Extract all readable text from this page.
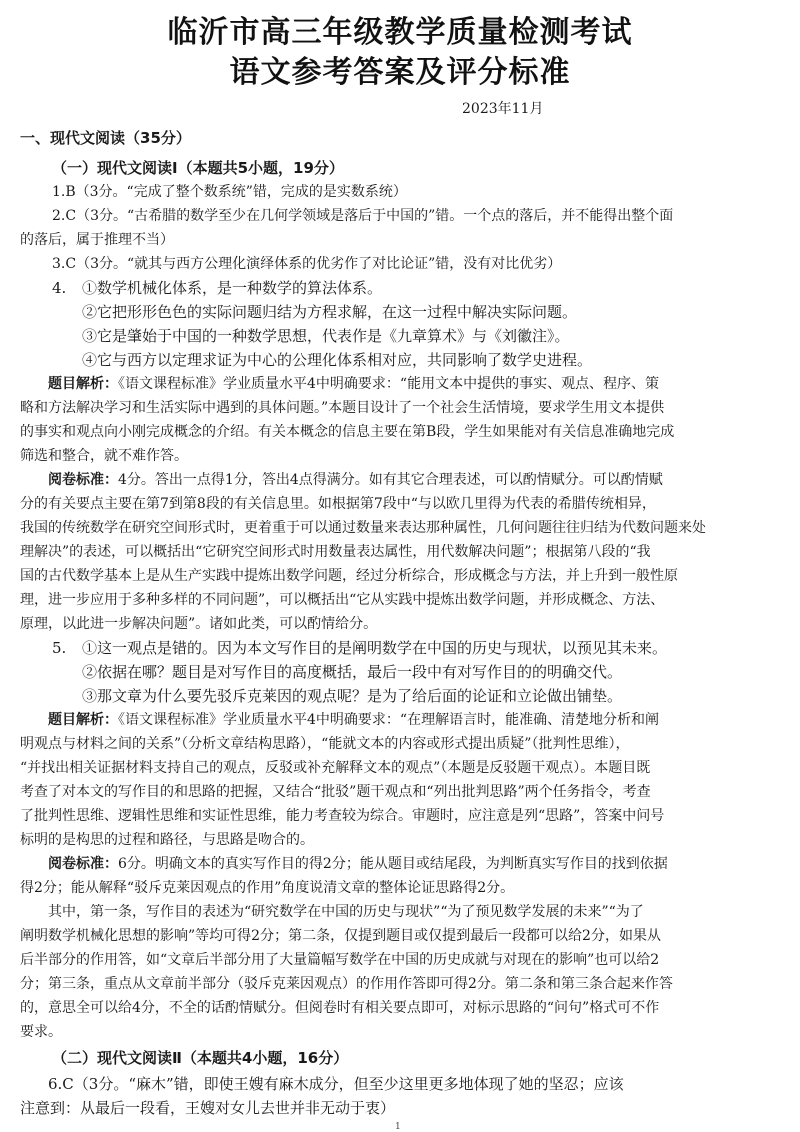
临沂市高三年级教学质量检测考试
语文参考答案及评分标准
2023年11月
一、现代文阅读（35分）
（一）现代文阅读Ⅰ（本题共5小题，19分）
1.B（3分。“完成了整个数系统”错，完成的是实数系统）
2.C（3分。“古希腊的数学至少在几何学领域是落后于中国的”错。一个点的落后，并不能得出整个面
的落后，属于推理不当）
3.C（3分。“就其与西方公理化演绎体系的优劣作了对比论证”错，没有对比优劣）
4.	①数学机械化体系，是一种数学的算法体系。
②它把形形色色的实际问题归结为方程求解，在这一过程中解决实际问题。
③它是肇始于中国的一种数学思想，代表作是《九章算术》与《刘徽注》。
④它与西方以定理求证为中心的公理化体系相对应，共同影响了数学史进程。
题目解析：《语文课程标准》学业质量水平4中明确要求：“能用文本中提供的事实、观点、程序、策
略和方法解决学习和生活实际中遇到的具体问题。”本题目设计了一个社会生活情境，要求学生用文本提供
的事实和观点向小刚完成概念的介绍。有关本概念的信息主要在第B段，学生如果能对有关信息准确地完成
筛选和整合，就不难作答。
阅卷标准：4分。答出一点得1分，答出4点得满分。如有其它合理表述，可以酌情赋分。可以酌情赋
分的有关要点主要在第7到第8段的有关信息里。如根据第7段中“与以欧几里得为代表的希腊传统相异，
我国的传统数学在研究空间形式时，更着重于可以通过数量来表达那种属性，几何问题往往归结为代数问题来处
理解决”的表述，可以概括出“它研究空间形式时用数量表达属性，用代数解决问题”；根据第八段的“我
国的古代数学基本上是从生产实践中提炼出数学问题，经过分析综合，形成概念与方法，并上升到一般性原
理，进一步应用于多种多样的不同问题”，可以概括出“它从实践中提炼出数学问题，并形成概念、方法、
原理，以此进一步解决问题”。诸如此类，可以酌情给分。
5.	①这一观点是错的。因为本文写作目的是阐明数学在中国的历史与现状，以预见其未来。
②依据在哪？题目是对写作目的高度概括，最后一段中有对写作目的的明确交代。
③那文章为什么要先驳斥克莱因的观点呢？是为了给后面的论证和立论做出铺垫。
题目解析：《语文课程标准》学业质量水平4中明确要求：“在理解语言时，能准确、清楚地分析和阐
明观点与材料之间的关系”（分析文章结构思路），“能就文本的内容或形式提出质疑”（批判性思维），
“并找出相关证据材料支持自己的观点，反驳或补充解释文本的观点”（本题是反驳题干观点）。本题目既
考查了对本文的写作目的和思路的把握，又结合“批驳”题干观点和“列出批判思路”两个任务指令，考查
了批判性思维、逻辑性思维和实证性思维，能力考查较为综合。审题时，应注意是列“思路”，答案中问号
标明的是构思的过程和路径，与思路是吻合的。
阅卷标准：6分。明确文本的真实写作目的得2分；能从题目或结尾段，为判断真实写作目的找到依据
得2分；能从解释“驳斥克莱因观点的作用”角度说清文章的整体论证思路得2分。
其中，第一条，写作目的表述为“研究数学在中国的历史与现状”“为了预见数学发展的未来”“为了
阐明数学机械化思想的影响”等均可得2分；第二条，仅提到题目或仅提到最后一段都可以给2分，如果从
后半部分的作用答，如“文章后半部分用了大量篇幅写数学在中国的历史成就与对现在的影响”也可以给2
分；第三条，重点从文章前半部分（驳斥克莱因观点）的作用作答即可得2分。第二条和第三条合起来作答
的，意思全可以给4分，不全的话酌情赋分。但阅卷时有相关要点即可，对标示思路的“问句”格式可不作
要求。
（二）现代文阅读Ⅱ（本题共4小题，16分）
6.C（3分。“麻木”错，即使王嫂有麻木成分，但至少这里更多地体现了她的坚忍；应该
注意到：从最后一段看，王嫂对女儿去世并非无动于衷）
1
